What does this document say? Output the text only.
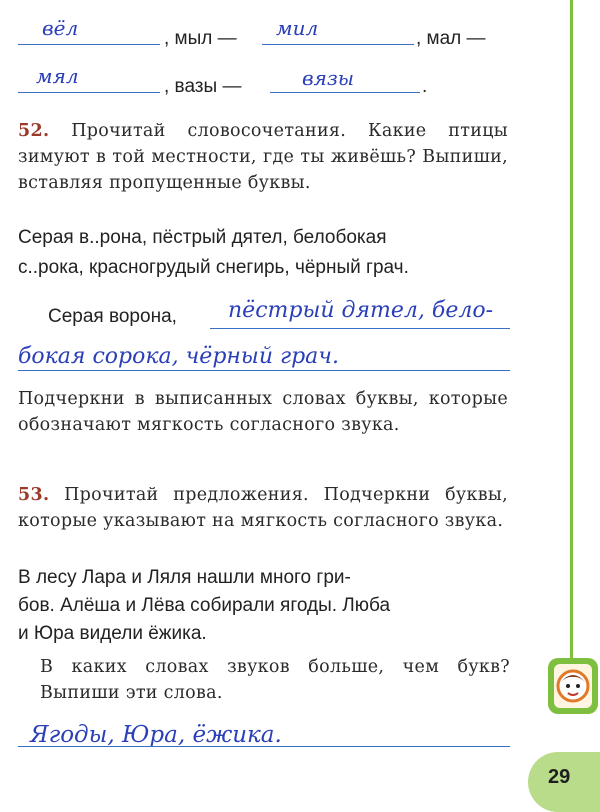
вёл	, мыл — мил	, мал —
мял	, вазы —	вязы	.
52. Прочитай словосочетания. Какие птицы зимуют в той местности, где ты живёшь? Выпиши, вставляя пропущенные буквы.
Серая в..рона, пёстрый дятел, белобокая
с..рока, красногрудый снегирь, чёрный грач.
Серая ворона, пёстрый дятел, бело-
бокая сорока, чёрный грач.
Подчеркни в выписанных словах буквы, которые обозначают мягкость согласного звука.
53. Прочитай предложения. Подчеркни буквы, которые указывают на мягкость согласного звука.
В лесу Лара и Ляля нашли много гри-
бов. Алёша и Лёва собирали ягоды. Люба
и Юра видели ёжика.
В каких словах звуков больше, чем букв? Выпиши эти слова.
Ягоды, Юра, ёжика.
29
